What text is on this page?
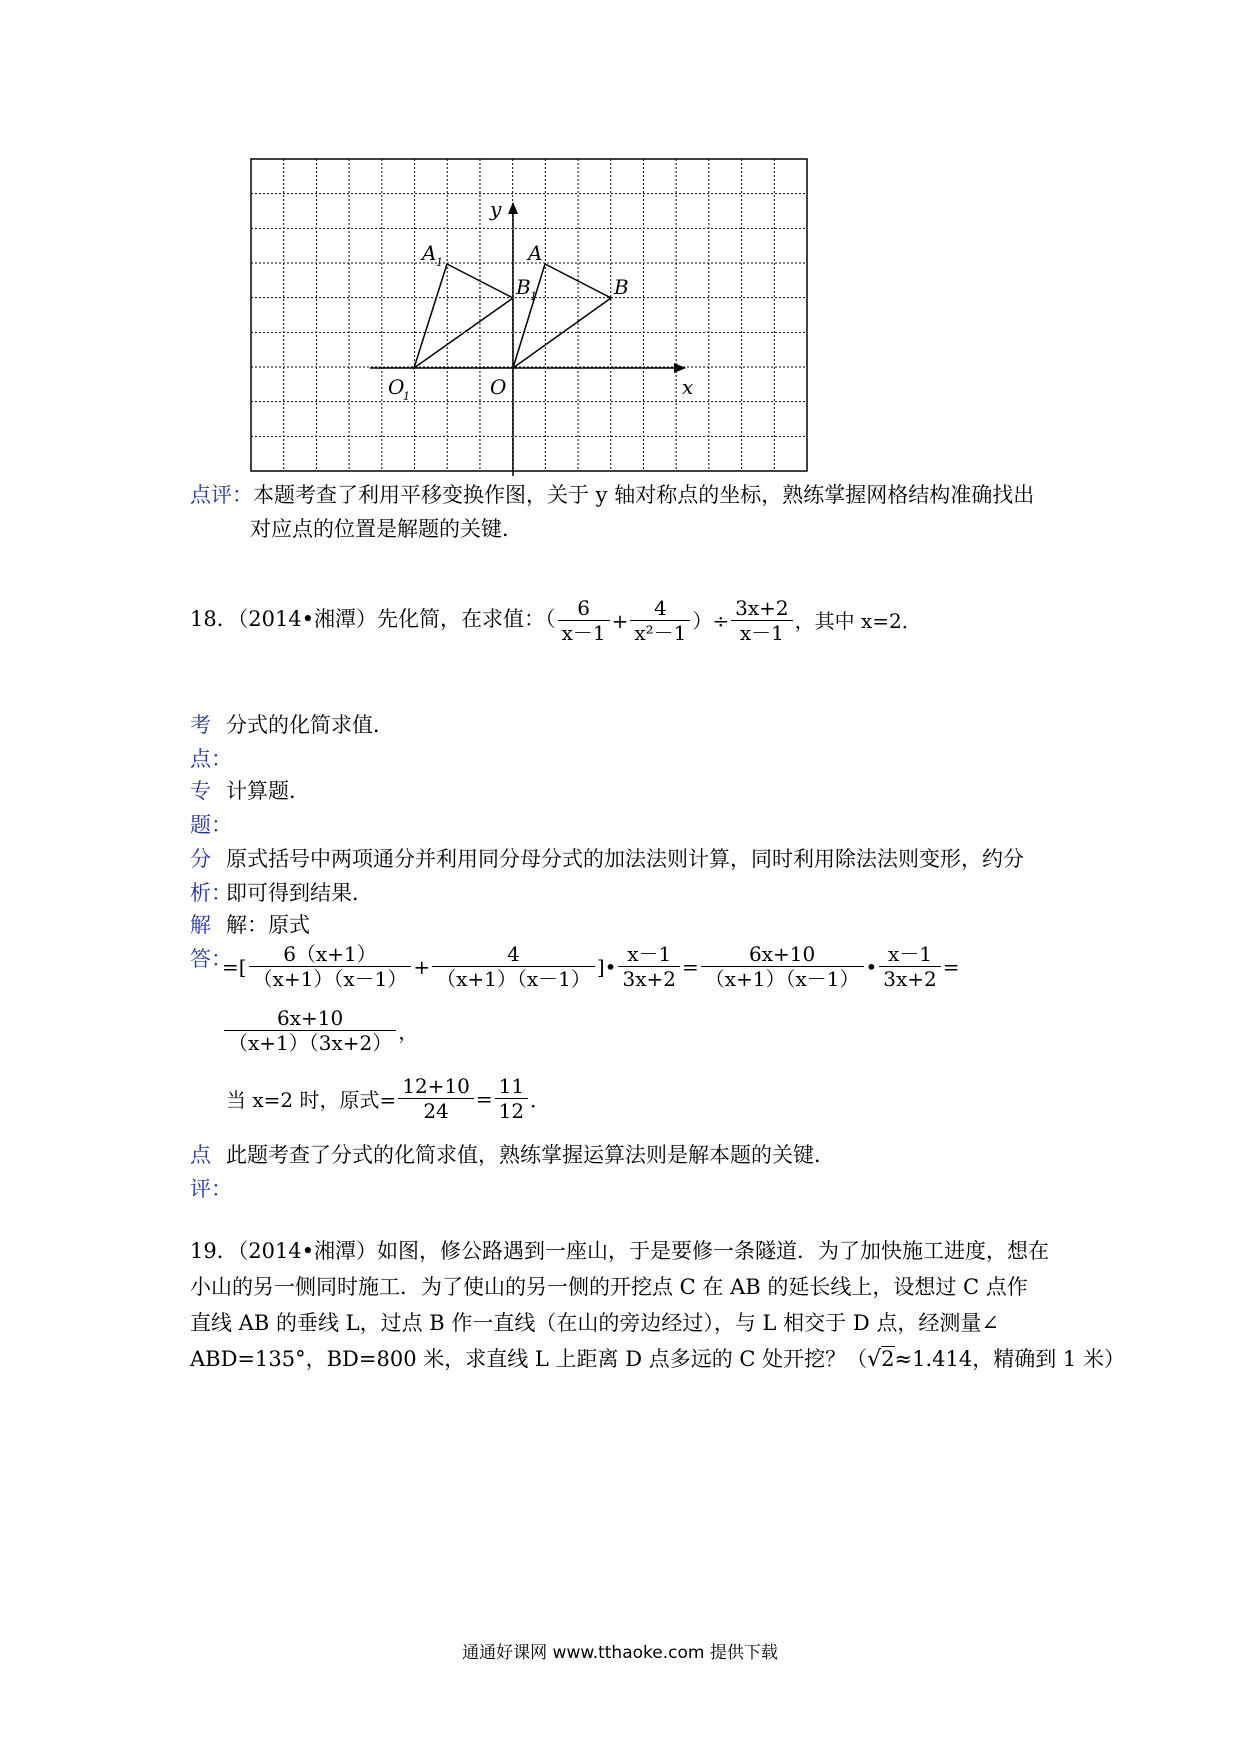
y
x
A 1	A
B 1	B
O
1	O
点评：本题考查了利用平移变换作图，关于 y 轴对称点的坐标，熟练掌握网格结构准确找出
对应点的位置是解题的关键．
18．（2014•湘潭）先化简，在求值：（ $\frac{6}{x-1} + \frac{4}{\text{x²－1}}$ ）÷ $\frac{3x+2}{x-1}$ ，其中 x=2．
考 分式的化简求值．
点：
专 计算题．
题：
分 原式括号中两项通分并利用同分母分式的加法法则计算，同时利用除法法则变形，约分
析：
即可得到结果．
解 解：原式
答：
=[ $\frac{6(x+1)}{(x+1)(x-1)} + \frac{4}{(x+1)(x-1)}$ ]• $\frac{x-1}{3x+2} = \frac{6x+10}{(x+1)(x-1)}$ • $\frac{x-1}{3x+2}$ =
$\frac{6x+10}{(x+1)(3x+2)}$ ，
当 x=2 时，原式= $\frac{12+10}{24} = \frac{11}{12}$ ．
点 此题考查了分式的化简求值，熟练掌握运算法则是解本题的关键．
评：
19．（2014•湘潭）如图，修公路遇到一座山，于是要修一条隧道．为了加快施工进度，想在
小山的另一侧同时施工．为了使山的另一侧的开挖点 C 在 AB 的延长线上，设想过 C 点作
直线 AB 的垂线 L，过点 B 作一直线（在山的旁边经过），与 L 相交于 D 点，经测量∠
ABD=135°，BD=800 米，求直线 L 上距离 D 点多远的 C 处开挖？（√2≈1.414，精确到 1 米）
通通好课网 www.tthaoke.com 提供下载
